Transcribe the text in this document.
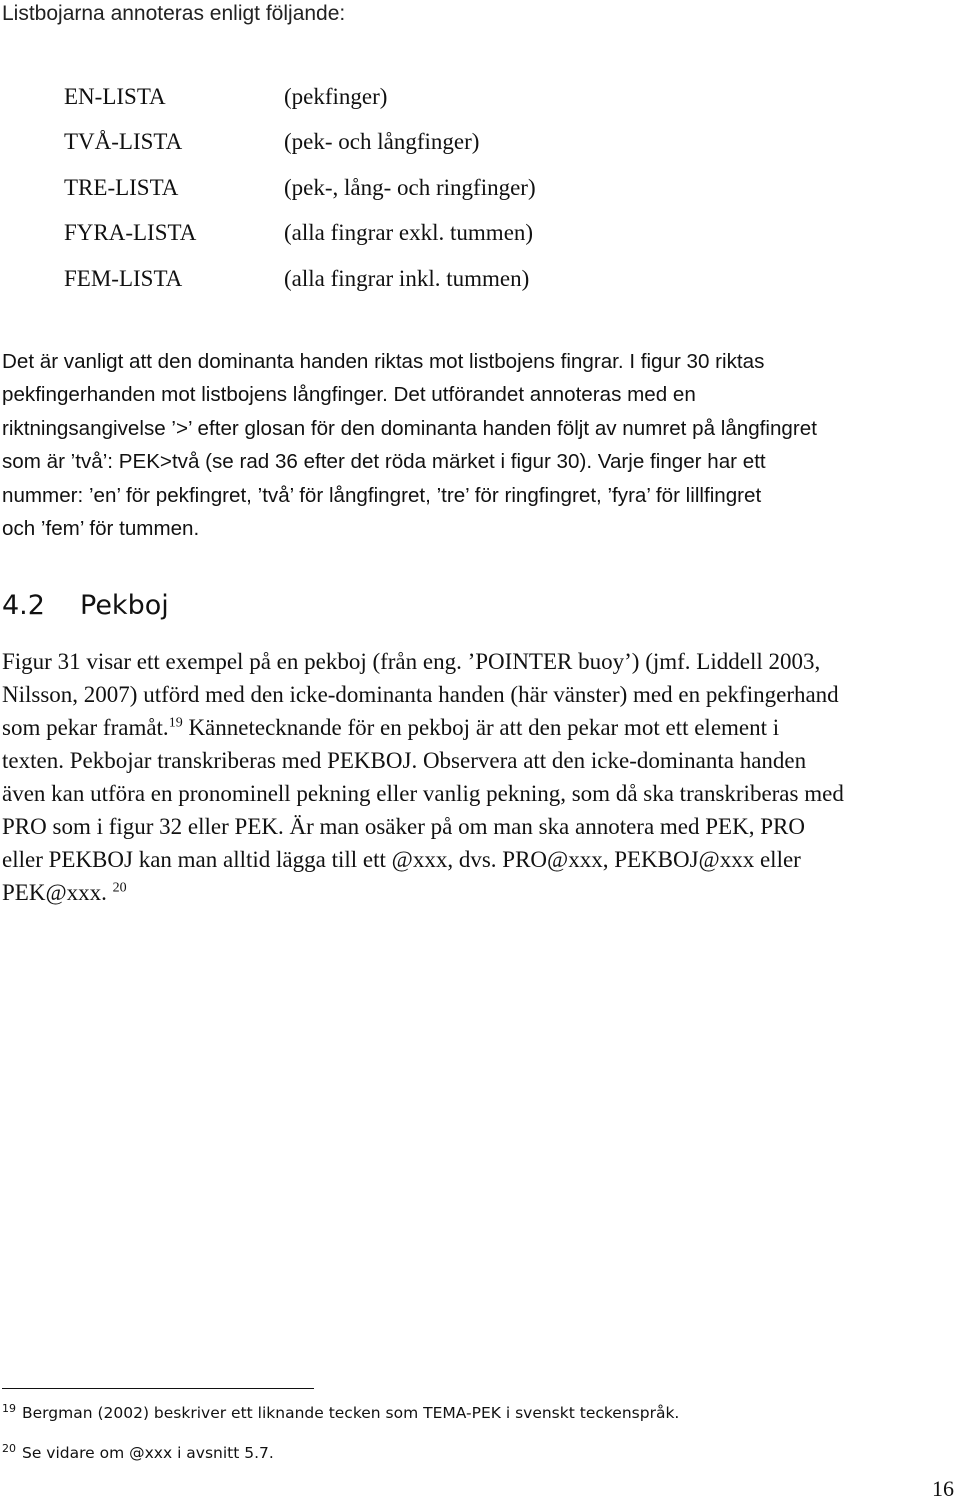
Listbojarna annoteras enligt följande:
EN-LISTA	(pekfinger)
TVÅ-LISTA	(pek- och långfinger)
TRE-LISTA	(pek-, lång- och ringfinger)
FYRA-LISTA	(alla fingrar exkl. tummen)
FEM-LISTA	(alla fingrar inkl. tummen)
Det är vanligt att den dominanta handen riktas mot listbojens fingrar. I figur 30 riktas
pekfingerhanden mot listbojens långfinger. Det utförandet annoteras med en
riktningsangivelse ’>’ efter glosan för den dominanta handen följt av numret på långfingret
som är ’två’: PEK>två (se rad 36 efter det röda märket i figur 30). Varje finger har ett
nummer: ’en’ för pekfingret, ’två’ för långfingret, ’tre’ för ringfingret, ’fyra’ för lillfingret
och ’fem’ för tummen.
4.2 Pekboj
Figur 31 visar ett exempel på en pekboj (från eng. ’POINTER buoy’) (jmf. Liddell 2003,
Nilsson, 2007) utförd med den icke-dominanta handen (här vänster) med en pekfingerhand
som pekar framåt.$^{19}$ Kännetecknande för en pekboj är att den pekar mot ett element i
texten. Pekbojar transkriberas med PEKBOJ. Observera att den icke-dominanta handen
även kan utföra en pronominell pekning eller vanlig pekning, som då ska transkriberas med
PRO som i figur 32 eller PEK. Är man osäker på om man ska annotera med PEK, PRO
eller PEKBOJ kan man alltid lägga till ett @xxx, dvs. PRO@xxx, PEKBOJ@xxx eller
PEK@xxx. $^{20}$
$^{19}$ Bergman (2002) beskriver ett liknande tecken som TEMA-PEK i svenskt teckenspråk.
$^{20}$ Se vidare om @xxx i avsnitt 5.7.
16
